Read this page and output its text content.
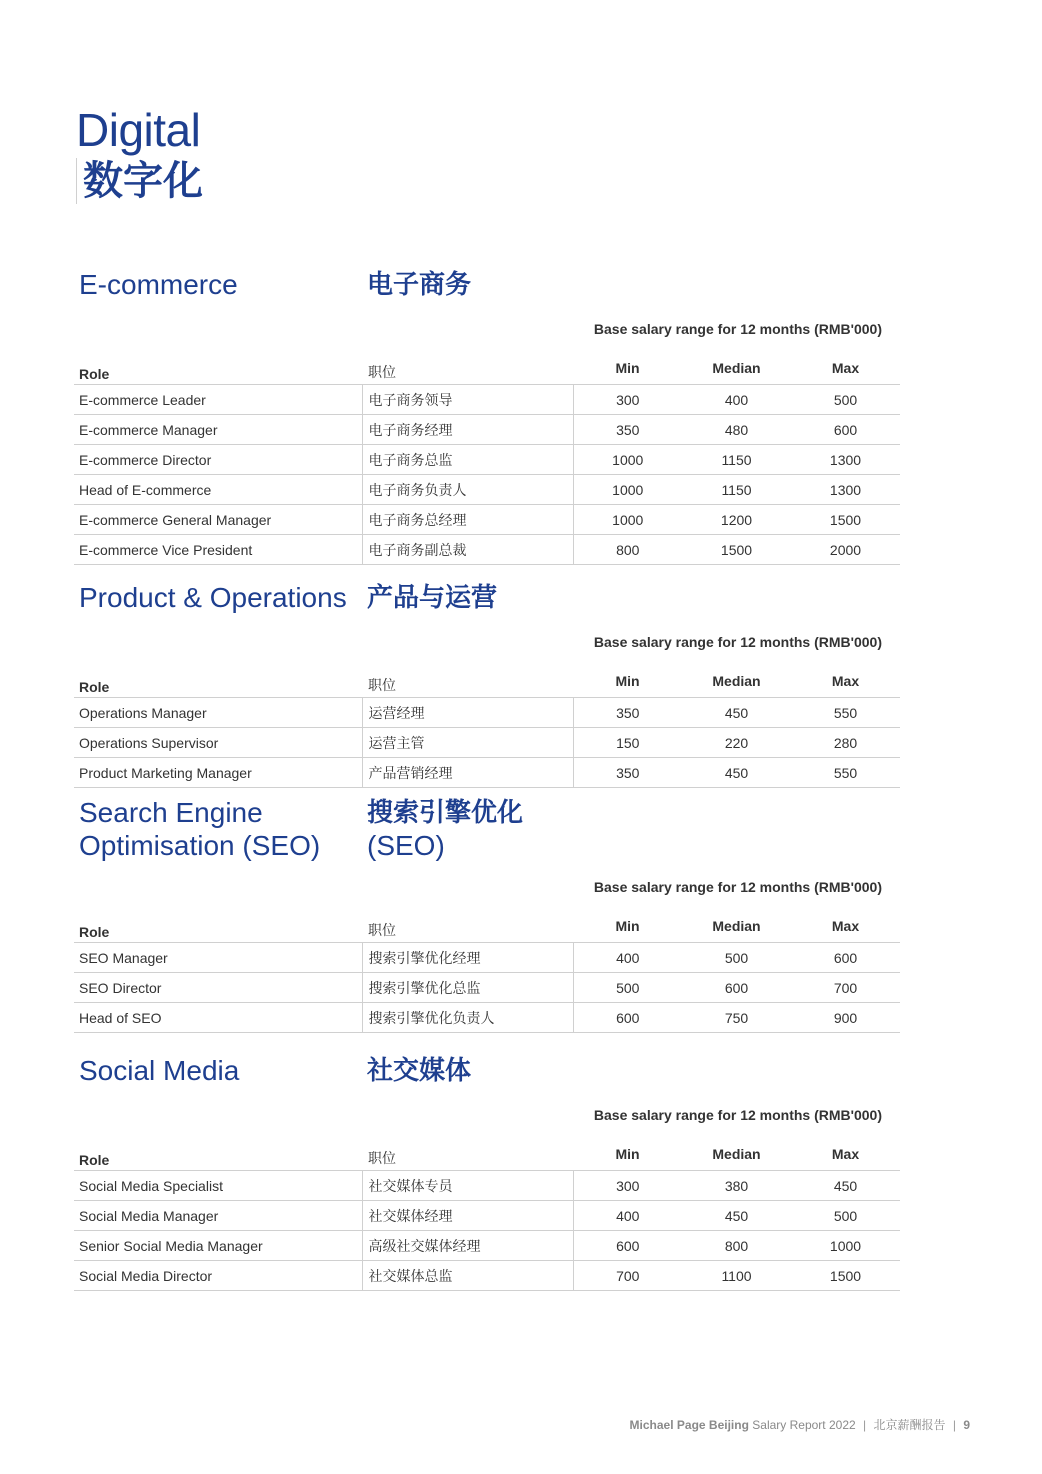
Digital
数字化
E-commerce	电子商务
Base salary range for 12 months (RMB'000)
Role	职位	Min	Median	Max
E-commerce Leader	电子商务领导	300	400	500
E-commerce Manager	电子商务经理	350	480	600
E-commerce Director	电子商务总监	1000	1150	1300
Head of E-commerce	电子商务负责人	1000	1150	1300
E-commerce General Manager	电子商务总经理	1000	1200	1500
E-commerce Vice President	电子商务副总裁	800	1500	2000
Product & Operations 产品与运营
Base salary range for 12 months (RMB'000)
Role	职位	Min	Median	Max
Operations Manager	运营经理	350	450	550
Operations Supervisor	运营主管	150	220	280
Product Marketing Manager	产品营销经理	350	450	550
Search Engine
Optimisation (SEO)
搜索引擎优化
(SEO)
Base salary range for 12 months (RMB'000)
Role	职位	Min	Median	Max
SEO Manager	搜索引擎优化经理	400	500	600
SEO Director	搜索引擎优化总监	500	600	700
Head of SEO	搜索引擎优化负责人	600	750	900
Social Media	社交媒体
Base salary range for 12 months (RMB'000)
Role	职位	Min	Median	Max
Social Media Specialist	社交媒体专员	300	380	450
Social Media Manager	社交媒体经理	400	450	500
Senior Social Media Manager	高级社交媒体经理	600	800	1000
Social Media Director	社交媒体总监	700	1100	1500
Michael Page Beijing Salary Report 2022 | 北京薪酬报告 | 9
